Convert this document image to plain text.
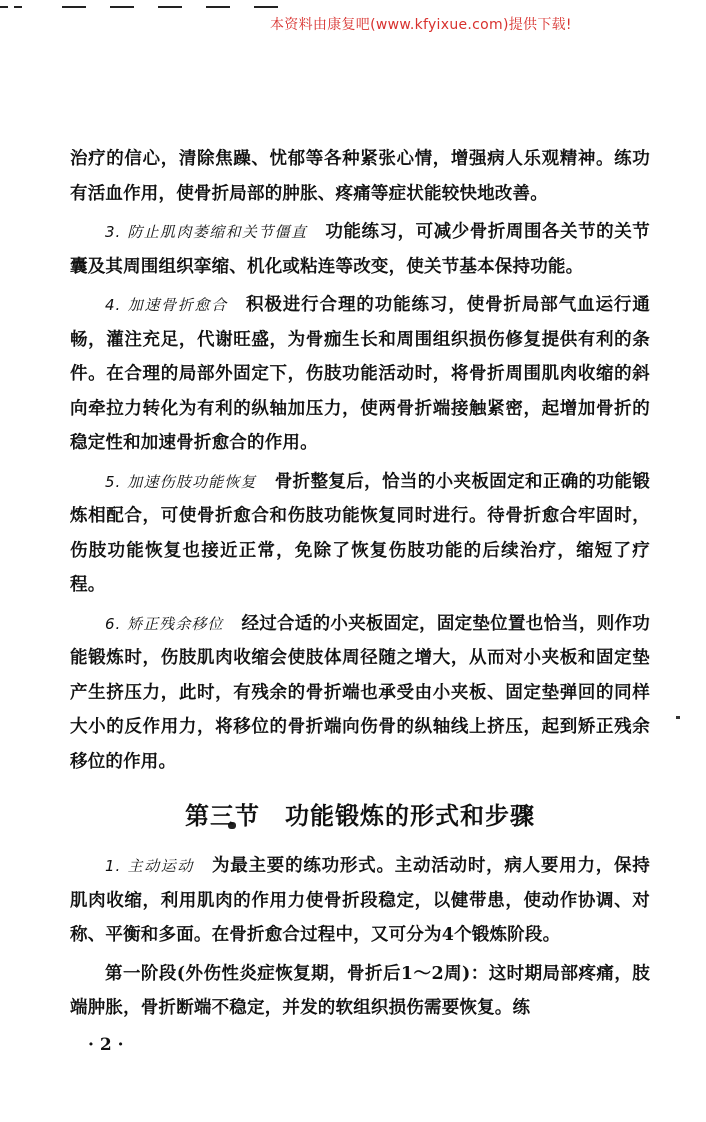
本资料由康复吧(www.kfyixue.com)提供下载!

治疗的信心，清除焦躁、忧郁等各种紧张心情，增强病人乐观精神。练功有活血作用，使骨折局部的肿胀、疼痛等症状能较快地改善。

3. 防止肌肉萎缩和关节僵直 功能练习，可减少骨折周围各关节的关节囊及其周围组织挛缩、机化或粘连等改变，使关节基本保持功能。

4. 加速骨折愈合 积极进行合理的功能练习，使骨折局部气血运行通畅，灌注充足，代谢旺盛，为骨痂生长和周围组织损伤修复提供有利的条件。在合理的局部外固定下，伤肢功能活动时，将骨折周围肌肉收缩的斜向牵拉力转化为有利的纵轴加压力，使两骨折端接触紧密，起增加骨折的稳定性和加速骨折愈合的作用。

5. 加速伤肢功能恢复 骨折整复后，恰当的小夹板固定和正确的功能锻炼相配合，可使骨折愈合和伤肢功能恢复同时进行。待骨折愈合牢固时，伤肢功能恢复也接近正常，免除了恢复伤肢功能的后续治疗，缩短了疗程。

6. 矫正残余移位 经过合适的小夹板固定，固定垫位置也恰当，则作功能锻炼时，伤肢肌肉收缩会使肢体周径随之增大，从而对小夹板和固定垫产生挤压力，此时，有残余的骨折端也承受由小夹板、固定垫弹回的同样大小的反作用力，将移位的骨折端向伤骨的纵轴线上挤压，起到矫正残余移位的作用。

第三节　功能锻炼的形式和步骤

1. 主动运动 为最主要的练功形式。主动活动时，病人要用力，保持肌肉收缩，利用肌肉的作用力使骨折段稳定，以健带患，使动作协调、对称、平衡和多面。在骨折愈合过程中，又可分为4个锻炼阶段。

第一阶段(外伤性炎症恢复期，骨折后1～2周)：这时期局部疼痛，肢端肿胀，骨折断端不稳定，并发的软组织损伤需要恢复。练

· 2 ·
